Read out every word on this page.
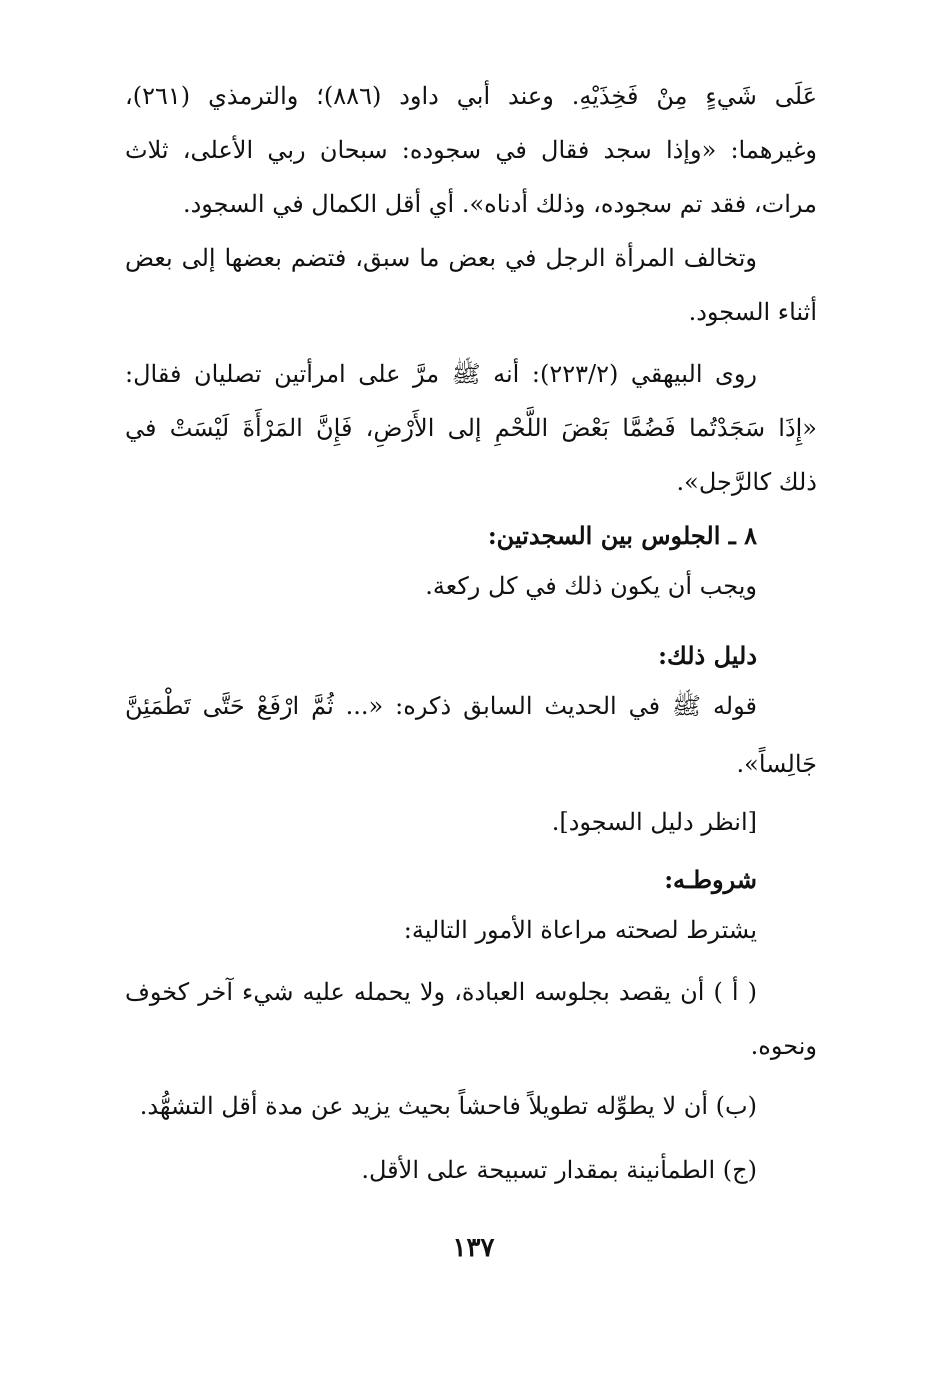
عَلَى شَيءٍ مِنْ فَخِذَيْهِ. وعند أبي داود (٨٨٦)؛ والترمذي (٢٦١)،
وغيرهما: «وإذا سجد فقال في سجوده: سبحان ربي الأعلى، ثلاث
مرات، فقد تم سجوده، وذلك أدناه». أي أقل الكمال في السجود.
وتخالف المرأة الرجل في بعض ما سبق، فتضم بعضها إلى بعض
أثناء السجود.
روى البيهقي (٢٢٣/٢): أنه ﷺ مرَّ على امرأتين تصليان فقال:
«إِذَا سَجَدْتُما فَضُمَّا بَعْضَ اللَّحْمِ إلى الأَرْضِ، فَإِنَّ المَرْأَةَ لَيْسَتْ في
ذلك كالرَّجل».
٨ ـ الجلوس بين السجدتين:
ويجب أن يكون ذلك في كل ركعة.
دليل ذلك:
قوله ﷺ في الحديث السابق ذكره: «... ثُمَّ ارْفَعْ حَتَّى تَطْمَئِنَّ
جَالِساً».
[انظر دليل السجود].
شروطـه:
يشترط لصحته مراعاة الأمور التالية:
( أ ) أن يقصد بجلوسه العبادة، ولا يحمله عليه شيء آخر كخوف
ونحوه.
(ب) أن لا يطوِّله تطويلاً فاحشاً بحيث يزيد عن مدة أقل التشهُّد.
(ج) الطمأنينة بمقدار تسبيحة على الأقل.
١٣٧
